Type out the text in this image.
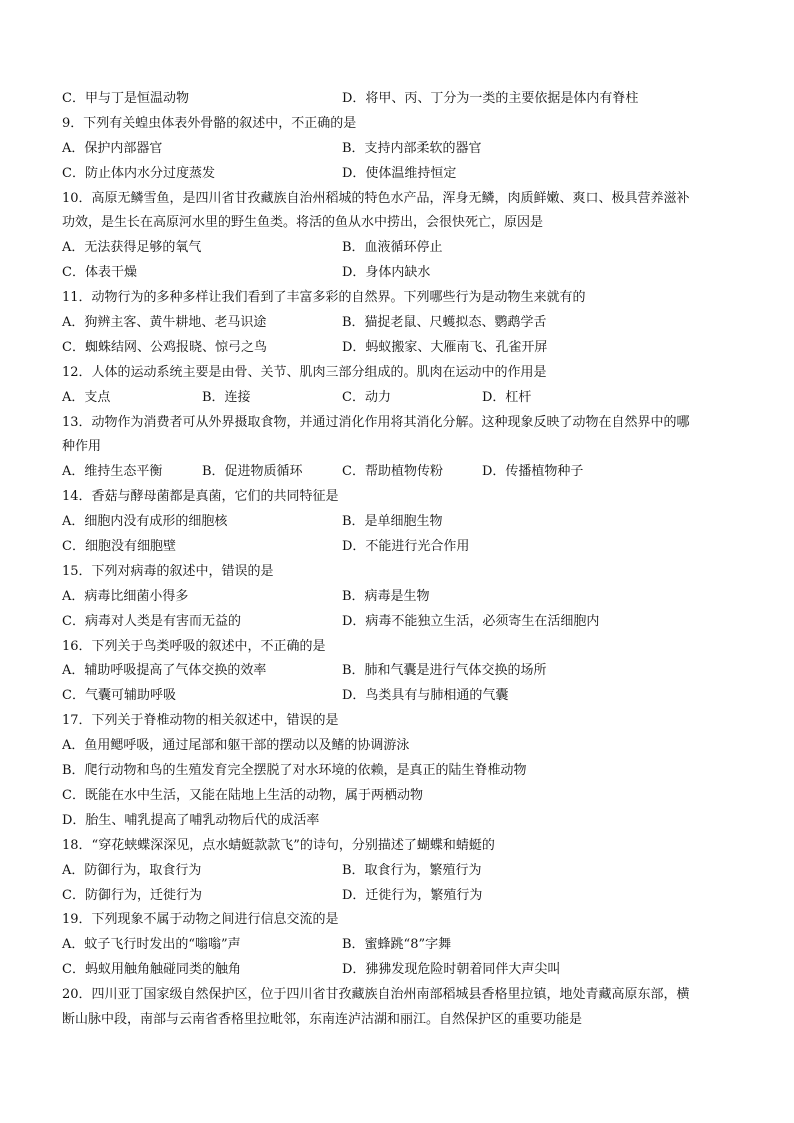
C．甲与丁是恒温动物	D．将甲、丙、丁分为一类的主要依据是体内有脊柱
9．下列有关蝗虫体表外骨骼的叙述中，不正确的是
A．保护内部器官	B．支持内部柔软的器官
C．防止体内水分过度蒸发	D．使体温维持恒定
10．高原无鳞雪鱼，是四川省甘孜藏族自治州稻城的特色水产品，浑身无鳞，肉质鲜嫩、爽口、极具营养滋补
功效，是生长在高原河水里的野生鱼类。将活的鱼从水中捞出，会很快死亡，原因是
A．无法获得足够的氧气	B．血液循环停止
C．体表干燥	D．身体内缺水
11．动物行为的多种多样让我们看到了丰富多彩的自然界。下列哪些行为是动物生来就有的
A．狗辨主客、黄牛耕地、老马识途	B．猫捉老鼠、尺蠖拟态、鹦鹉学舌
C．蜘蛛结网、公鸡报晓、惊弓之鸟	D．蚂蚁搬家、大雁南飞、孔雀开屏
12．人体的运动系统主要是由骨、关节、肌肉三部分组成的。肌肉在运动中的作用是
A．支点	B．连接	C．动力	D．杠杆
13．动物作为消费者可从外界摄取食物，并通过消化作用将其消化分解。这种现象反映了动物在自然界中的哪
种作用
A．维持生态平衡	B．促进物质循环	C．帮助植物传粉	D．传播植物种子
14．香菇与酵母菌都是真菌，它们的共同特征是
A．细胞内没有成形的细胞核	B．是单细胞生物
C．细胞没有细胞壁	D．不能进行光合作用
15．下列对病毒的叙述中，错误的是
A．病毒比细菌小得多	B．病毒是生物
C．病毒对人类是有害而无益的	D．病毒不能独立生活，必须寄生在活细胞内
16．下列关于鸟类呼吸的叙述中，不正确的是
A．辅助呼吸提高了气体交换的效率	B．肺和气囊是进行气体交换的场所
C．气囊可辅助呼吸	D．鸟类具有与肺相通的气囊
17．下列关于脊椎动物的相关叙述中，错误的是
A．鱼用鳃呼吸，通过尾部和躯干部的摆动以及鳍的协调游泳
B．爬行动物和鸟的生殖发育完全摆脱了对水环境的依赖，是真正的陆生脊椎动物
C．既能在水中生活，又能在陆地上生活的动物，属于两栖动物
D．胎生、哺乳提高了哺乳动物后代的成活率
18．“穿花蛱蝶深深见，点水蜻蜓款款飞”的诗句，分别描述了蝴蝶和蜻蜓的
A．防御行为，取食行为	B．取食行为，繁殖行为
C．防御行为，迁徙行为	D．迁徙行为，繁殖行为
19．下列现象不属于动物之间进行信息交流的是
A．蚊子飞行时发出的“嗡嗡”声	B．蜜蜂跳“8”字舞
C．蚂蚁用触角触碰同类的触角	D．狒狒发现危险时朝着同伴大声尖叫
20．四川亚丁国家级自然保护区，位于四川省甘孜藏族自治州南部稻城县香格里拉镇，地处青藏高原东部，横
断山脉中段，南部与云南省香格里拉毗邻，东南连泸沽湖和丽江。自然保护区的重要功能是
